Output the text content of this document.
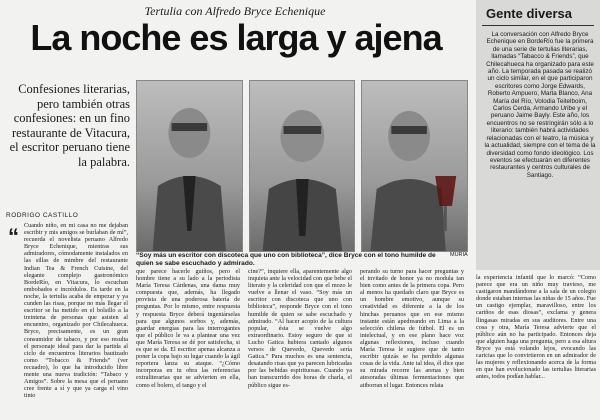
Tertulia con Alfredo Bryce Echenique
La noche es larga y ajena
Confesiones literarias, pero también otras confesiones: en un fino restaurante de Vitacura, el escritor peruano tiene la palabra.
RODRIGO CASTILLO
“Soy más un escritor con discoteca que uno con biblioteca”, dice Bryce con el tono humilde de quien se sabe escuchado y admirado.
MURIA
“ Cuando niño, en mi casa no me dejaban escribir y mis amigos se burlaban de mí”, recuerda el novelista peruano Alfredo Bryce Echenique, mientras sus admiradores, cómodamente instalados en las sillas de mimbre del restaurante Indian Tea & French Cuisine, del elegante complejo gastronómico BordeRío, en Vitacura, lo escuchan embobados e incrédulos. Es tarde en la noche, la tertulia acaba de empezar y ya cunden las risas, porque no más llegar el escritor se ha metido en el bolsillo a la treintena de personas que asisten al encuentro, organizado por Chilecahueca. Bryce, precisamente, es un gran consumidor de tabaco, y por eso resulta el personaje ideal para dar la partida al ciclo de encuentros literarios bautizado como “Tobacco & Friends” (ver recuadro), lo que ha introducido libre mente una nueva tradición: “Tabaco y Amigos”. Sobre la mesa que el peruano cree frente a sí y que ya carga el vino tinto
que parece hacerle guiños, pero el hombre tiene a su lado a la periodista María Teresa Cárdenas, una dama muy compuesta que, además, ha llegado provista de una poderosa batería de preguntas. Por lo mismo, entre respuesta y respuesta Bryce deberá ingeniárselas para que algunos sorbos y, además, guardar energías para las interrogantes que el público le va a plantear una vez que María Teresa se dé por satisfecha, si es que se da. El escritor apenas alcanza a poner la copa bajo su lugar cuando la ágil reportera lanza su ataque. “¿Cómo incorporas en tu obra las referencias extraliterarias que se advierten en ella, como el bolero, el tango y el
cine?”, inquiere ella, aparentemente algo inquieta ante la velocidad con que bebe el literato y la celeridad con que el mozo le vuelve a llenar el vaso. “Soy más un escritor con discoteca que uno con biblioteca”, responde Bryce con el tono humilde de quien se sabe escuchado y admirado. “Al hacer acopio de la cultura popular, ésta se vuelve algo extraordinario. Estoy seguro de que si Lucho Gatica hubiera cantado algunos versos de Quevedo, Quevedo sería Gatica.” Para muchos es una sentencia, desatando risas que ya parecen lubricadas por las bebidas espirituosas. Cuando ya han transcurrido dos horas de charla, el público sigue es-
perando su turno para hacer preguntas y el invitado de honor ya no modula tan bien como antes de la primera copa. Pero al menos ha quedado claro que Bryce es un hombre emotivo, aunque su creatividad es diferente a la de los hinchas peruanos que en ese mismo instante están apedreando en Lima a la selección chilena de fútbol. El es un intelectual, y en ese plano hace voz algunas reflexiones, incluso cuando María Teresa le sugiere que de tanto escribir quizás se ha perdido algunas cosas de la vida. Ante tal idea, él dice que su mirada recorre las arenas y bien atesoradas últimas fermentaciones que atiborran el lugar. Entonces relata
Gente diversa
La conversación con Alfredo Bryce Echenique en BordeRío fue la primera de una serie de tertulias literarias, llamadas “Tabacco & Friends”, que Chilecahueca ha organizado para este año. La temporada pasada se realizó un ciclo similar, en el que participaron escritores como Jorge Edwards, Roberto Ampuero, Marta Blanco, Ana María del Río, Volodia Teitelboim, Carlos Cerda, Armando Uribe y el peruano Jaime Bayly. Este año, los encuentros no se restringirán sólo a lo literario: también habrá actividades relacionadas con el teatro, la música y la actualidad, siempre con el tema de la diversidad como fondo ideológico. Los eventos se efectuarán en diferentes restaurantes y centros culturales de Santiago.
la experiencia infantil que lo marcó: “Como parece que era un niño muy travieso, me castigaron mandándome a la sala de un colegio donde estaban internas las niñas de 15 años. Fue un castigo ejemplar, maravilloso, entre los cariños de esas diosas”, exclama y genera llingasas miradas en sus auditores. Entre una cosa y otra, María Teresa advierte que el público aún no ha participado. Entonces deja que alguien haga una pregunta, pero a esa altura Bryce ya está volando lejos, evocando las caricias que lo convirtieron en un admirador de las mujeres y reflexionando acerca de la forma en que han evolucionado las tertulias literarias antes, todos podían hablar...
